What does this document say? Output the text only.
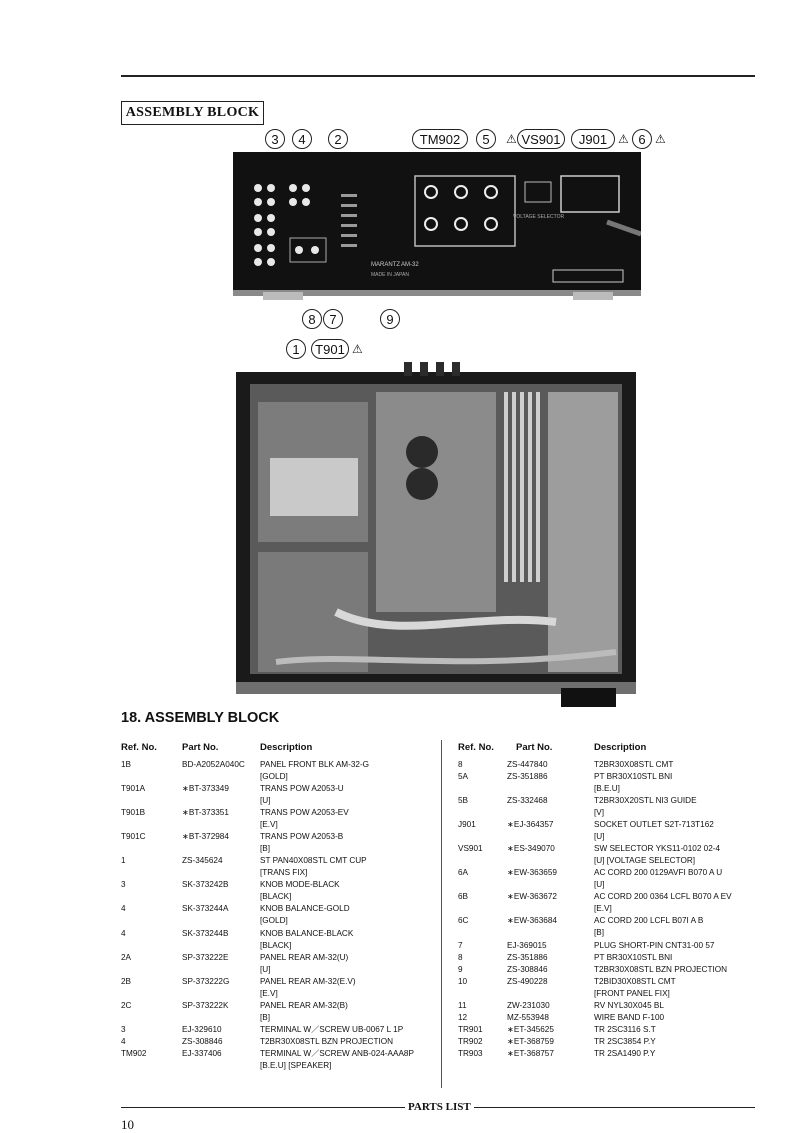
ASSEMBLY BLOCK
3	4	2	TM902	5	⚠ VS901	J901 ⚠ 6 ⚠
MARANTZ AM-32
MADE IN JAPAN
VOLTAGE SELECTOR
8	7	9
1	T901 ⚠
18. ASSEMBLY BLOCK
Ref. No.	Part No.	Description	Ref. No. Part No.	Description
1B	BD-A2052A040C PANEL FRONT BLK AM-32-G
[GOLD]
T901A	∗BT-373349	TRANS POW A2053-U
[U]
T901B	∗BT-373351	TRANS POW A2053-EV
[E.V]
T901C	∗BT-372984	TRANS POW A2053-B
[B]
1	ZS-345624	ST PAN40X08STL CMT CUP
[TRANS FIX]
3	SK-373242B	KNOB MODE-BLACK
[BLACK]
4	SK-373244A	KNOB BALANCE-GOLD
[GOLD]
4	SK-373244B	KNOB BALANCE-BLACK
[BLACK]
2A	SP-373222E	PANEL REAR AM-32(U)
[U]
2B	SP-373222G	PANEL REAR AM-32(E.V)
[E.V]
2C	SP-373222K	PANEL REAR AM-32(B)
[B]
3	EJ-329610	TERMINAL W／SCREW UB-0067 L 1P
4	ZS-308846	T2BR30X08STL BZN PROJECTION
TM902	EJ-337406	TERMINAL W／SCREW ANB-024-AAA8P
[B.E.U] [SPEAKER]
8	ZS-447840	T2BR30X08STL CMT
5A	ZS-351886	PT BR30X10STL BNI
[B.E.U]
5B	ZS-332468	T2BR30X20STL NI3 GUIDE
[V]
J901	∗EJ-364357	SOCKET OUTLET S2T-713T162
[U]
VS901	∗ES-349070	SW SELECTOR YKS11-0102 02-4
[U] [VOLTAGE SELECTOR]
6A	∗EW-363659	AC CORD 200 0129AVFI B070 A U
[U]
6B	∗EW-363672	AC CORD 200 0364 LCFL B070 A EV
[E.V]
6C	∗EW-363684	AC CORD 200 LCFL B07I A B
[B]
7	EJ-369015	PLUG SHORT-PIN CNT31-00 57
8	ZS-351886	PT BR30X10STL BNI
9	ZS-308846	T2BR30X08STL BZN PROJECTION
10	ZS-490228	T2BID30X08STL CMT
[FRONT PANEL FIX]
11	ZW-231030	RV NYL30X045 BL
12	MZ-553948	WIRE BAND F-100
TR901	∗ET-345625	TR 2SC3116 S.T
TR902	∗ET-368759	TR 2SC3854 P.Y
TR903	∗ET-368757	TR 2SA1490 P.Y
PARTS LIST
10
